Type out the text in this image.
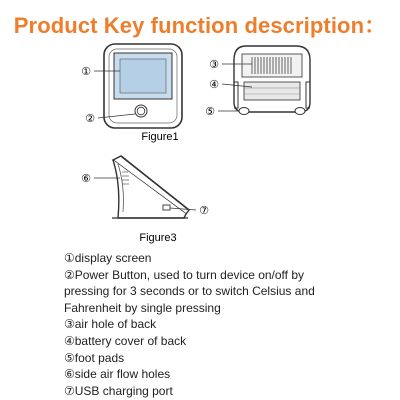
Product Key function description：
①
②
Figure1
③
④
⑤
⑥
⑦
Figure3
①display screen
②Power Button, used to turn device on/off by
pressing for 3 seconds or to switch Celsius and
Fahrenheit by single pressing
③air hole of back
④battery cover of back
⑤foot pads
⑥side air flow holes
⑦USB charging port
